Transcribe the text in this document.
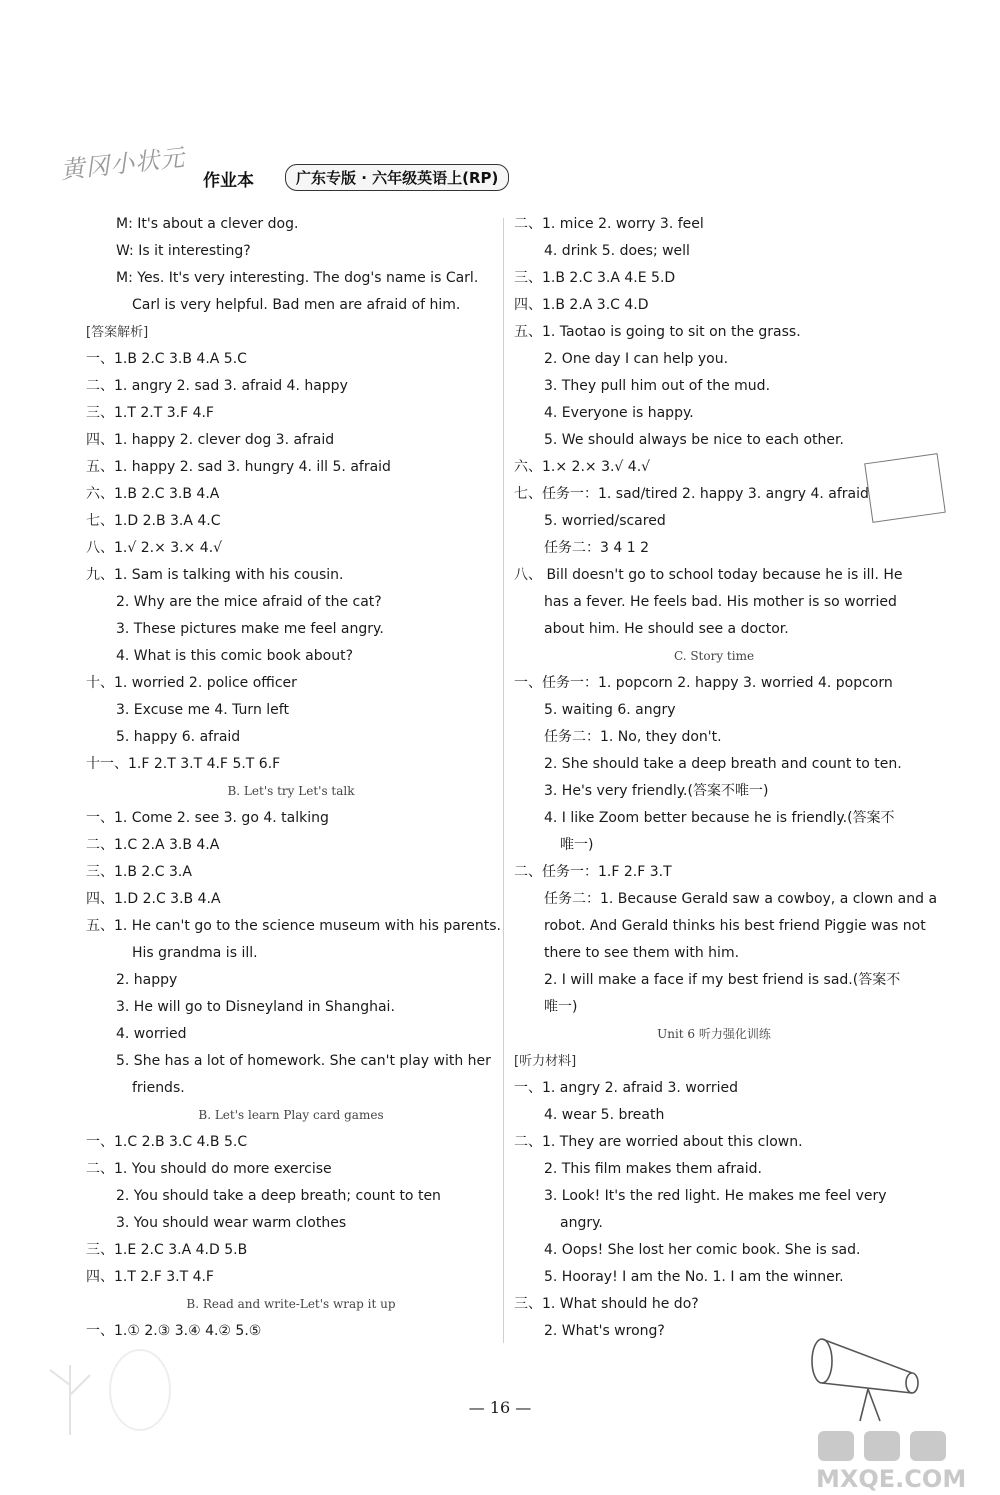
黄冈小状元 作业本	广东专版 · 六年级英语上(RP)
M: It's about a clever dog.
W: Is it interesting?
M: Yes. It's very interesting. The dog's name is Carl.
Carl is very helpful. Bad men are afraid of him.
[答案解析]
一、1.B 2.C 3.B 4.A 5.C
二、1. angry 2. sad 3. afraid 4. happy
三、1.T 2.T 3.F 4.F
四、1. happy 2. clever dog 3. afraid
五、1. happy 2. sad 3. hungry 4. ill 5. afraid
六、1.B 2.C 3.B 4.A
七、1.D 2.B 3.A 4.C
八、1.√ 2.× 3.× 4.√
九、1. Sam is talking with his cousin.
2. Why are the mice afraid of the cat?
3. These pictures make me feel angry.
4. What is this comic book about?
十、1. worried 2. police officer
3. Excuse me 4. Turn left
5. happy 6. afraid
十一、1.F 2.T 3.T 4.F 5.T 6.F
B. Let's try Let's talk
一、1. Come 2. see 3. go 4. talking
二、1.C 2.A 3.B 4.A
三、1.B 2.C 3.A
四、1.D 2.C 3.B 4.A
五、1. He can't go to the science museum with his parents.
His grandma is ill.
2. happy
3. He will go to Disneyland in Shanghai.
4. worried
5. She has a lot of homework. She can't play with her
friends.
B. Let's learn Play card games
一、1.C 2.B 3.C 4.B 5.C
二、1. You should do more exercise
2. You should take a deep breath; count to ten
3. You should wear warm clothes
三、1.E 2.C 3.A 4.D 5.B
四、1.T 2.F 3.T 4.F
B. Read and write-Let's wrap it up
一、1.① 2.③ 3.④ 4.② 5.⑤
二、1. mice 2. worry 3. feel
4. drink 5. does; well
三、1.B 2.C 3.A 4.E 5.D
四、1.B 2.A 3.C 4.D
五、1. Taotao is going to sit on the grass.
2. One day I can help you.
3. They pull him out of the mud.
4. Everyone is happy.
5. We should always be nice to each other.
六、1.× 2.× 3.√ 4.√
七、任务一：1. sad/tired 2. happy 3. angry 4. afraid
5. worried/scared
任务二：3 4 1 2
八、 Bill doesn't go to school today because he is ill. He
has a fever. He feels bad. His mother is so worried
about him. He should see a doctor.
C. Story time
一、任务一：1. popcorn 2. happy 3. worried 4. popcorn
5. waiting 6. angry
任务二：1. No, they don't.
2. She should take a deep breath and count to ten.
3. He's very friendly.(答案不唯一)
4. I like Zoom better because he is friendly.(答案不
唯一)
二、任务一：1.F 2.F 3.T
任务二：1. Because Gerald saw a cowboy, a clown and a
robot. And Gerald thinks his best friend Piggie was not
there to see them with him.
2. I will make a face if my best friend is sad.(答案不
唯一)
Unit 6 听力强化训练
[听力材料]
一、1. angry 2. afraid 3. worried
4. wear 5. breath
二、1. They are worried about this clown.
2. This film makes them afraid.
3. Look! It's the red light. He makes me feel very
angry.
4. Oops! She lost her comic book. She is sad.
5. Hooray! I am the No. 1. I am the winner.
三、1. What should he do?
2. What's wrong?
MXQE.COM
— 16 —
